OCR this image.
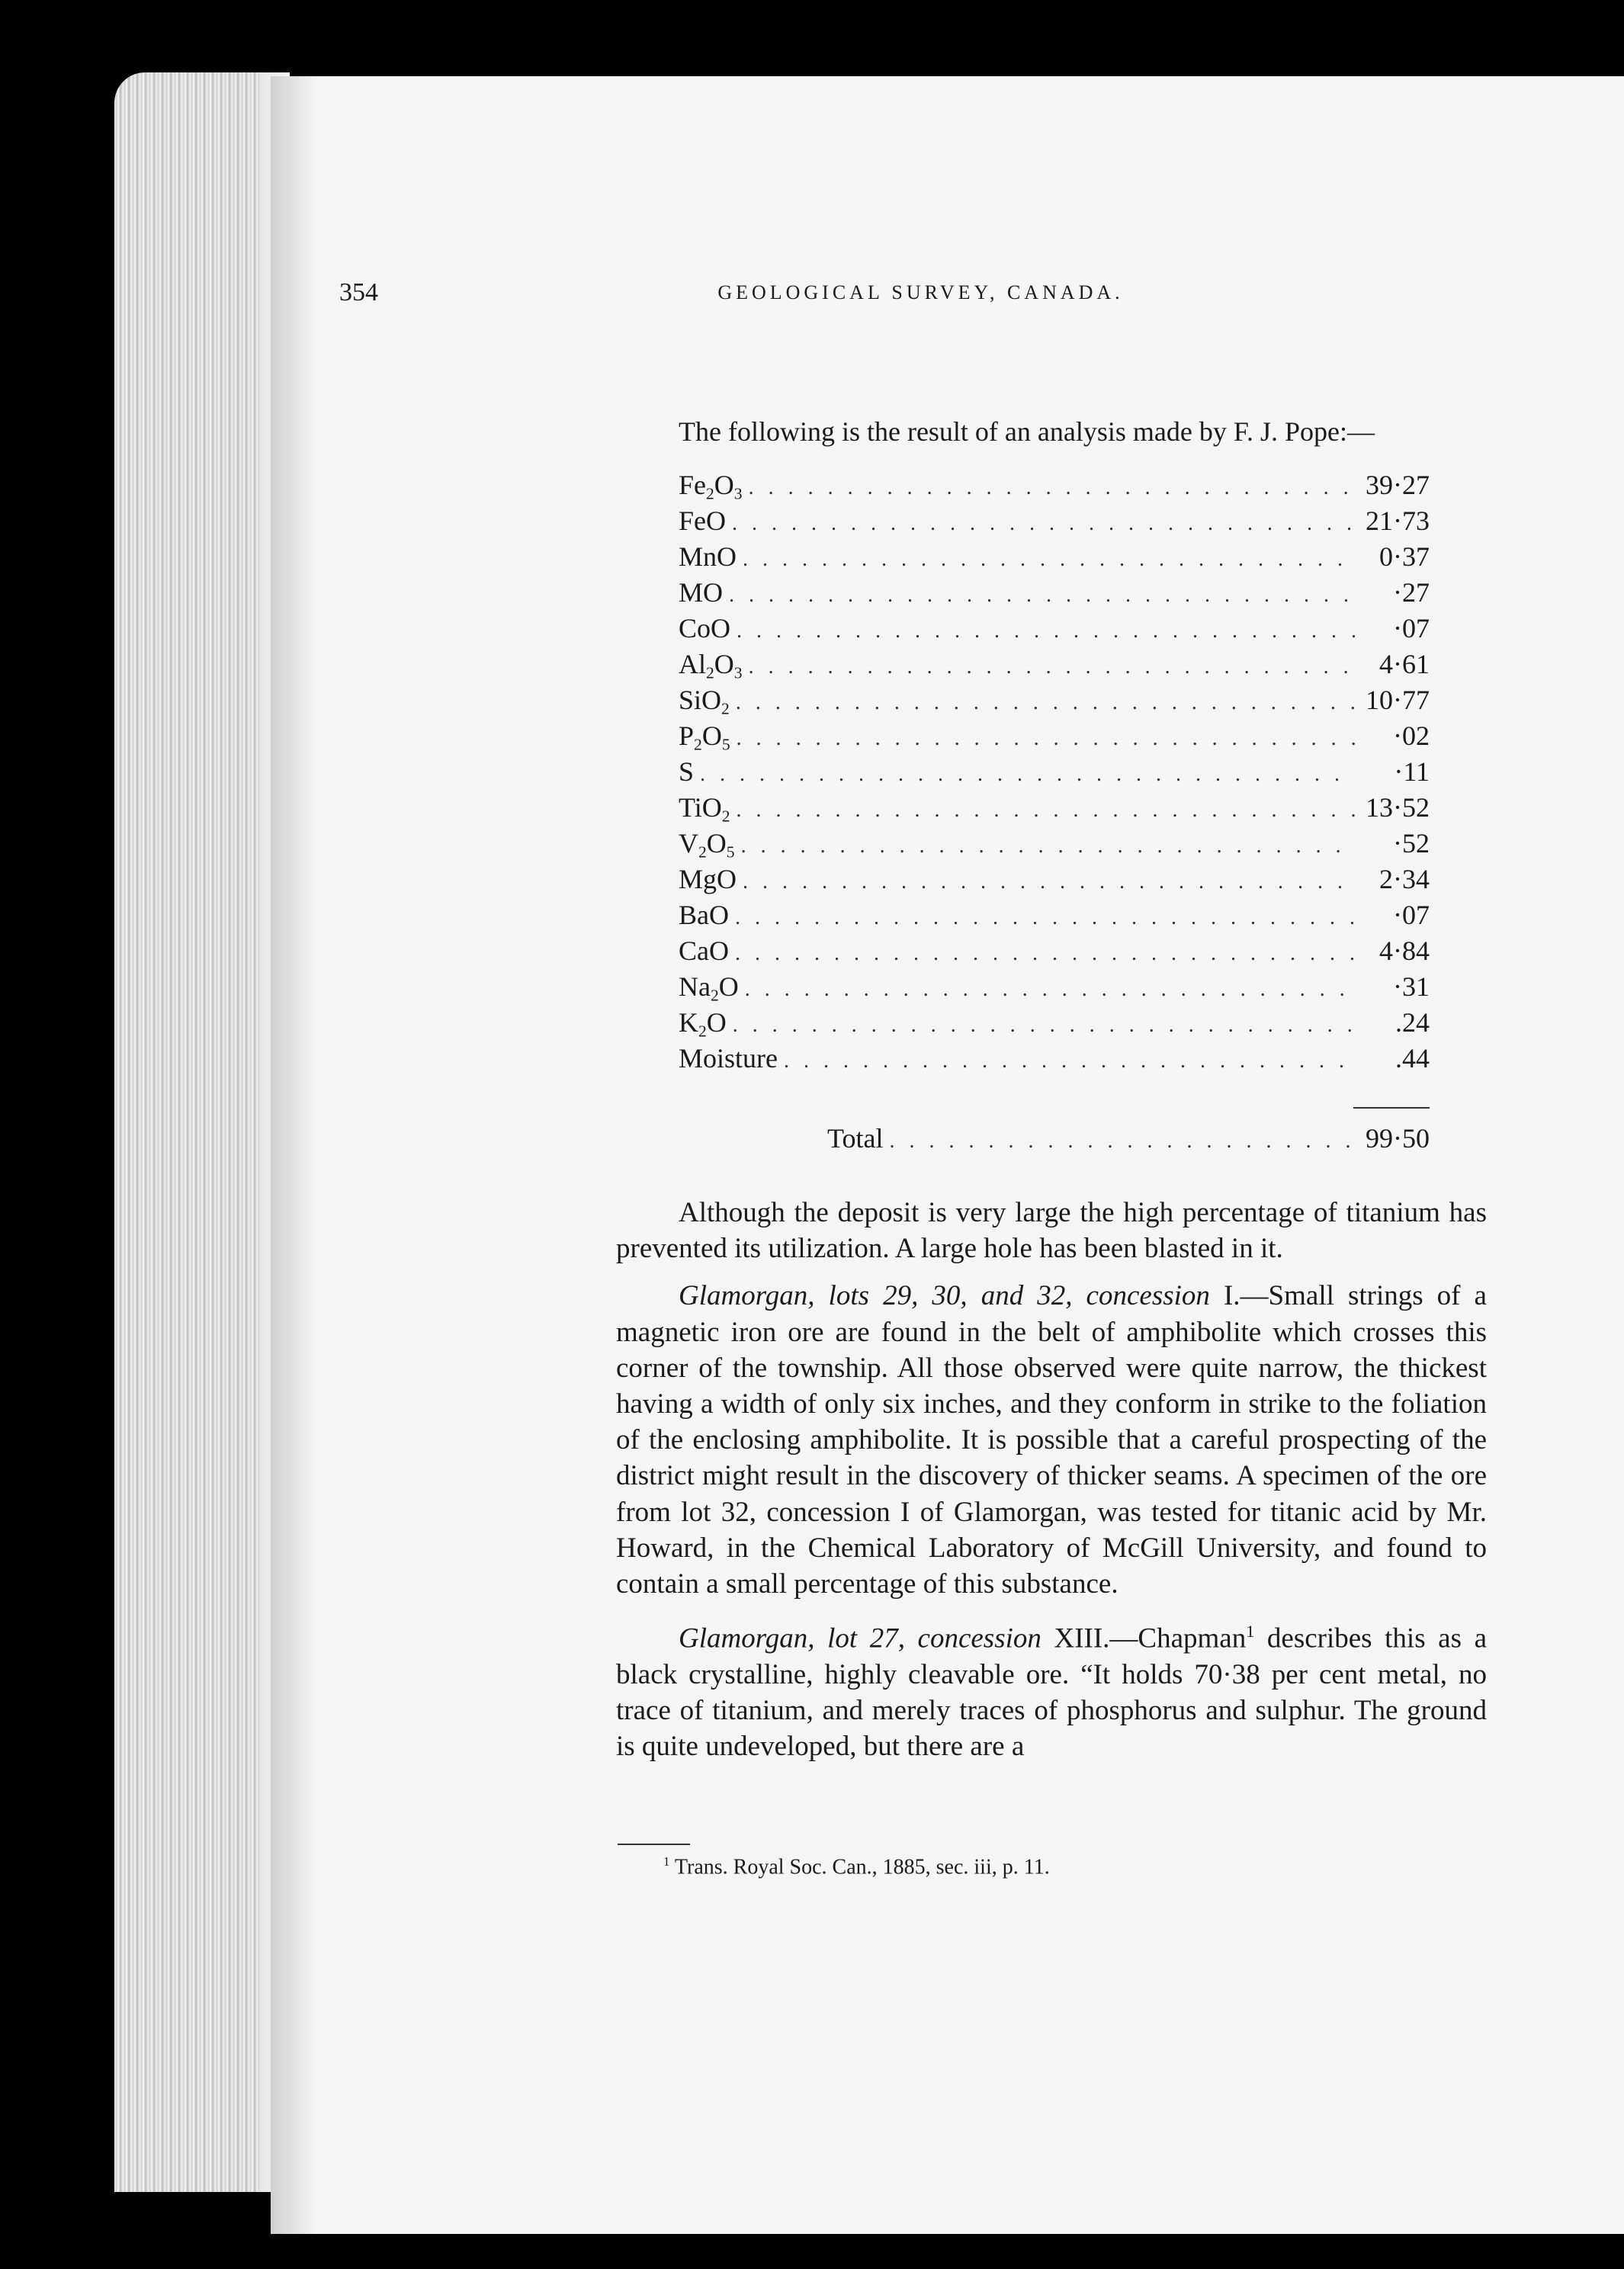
354	GEOLOGICAL SURVEY, CANADA.
The following is the result of an analysis made by F. J. Pope:—
$Fe_2O_3$ . . .	39·27
FeO . . .	21·73
MnO . . .	0·37
MO . . .	·27
CoO . . .	·07
$Al_2O_3$ . . .	4·61
SiO$_2$ . . .	10·77
$P_2O_5$ . . .	·02
S . . .	·11
TiO$_2$ . . .	13·52
$V_2O_5$ . . .	·52
MgO . . .	2·34
BaO . . .	·07
CaO . . .	4·84
$Na_2O$ . . .	·31
$K_2O$ . . .	.24
Moisture . . .	.44
Total . . .	99·50

Although the deposit is very large the high percentage of titanium has prevented its utilization. A large hole has been blasted in it.

Glamorgan, lots 29, 30, and 32, concession I.—Small strings of a magnetic iron ore are found in the belt of amphibolite which crosses this corner of the township. All those observed were quite narrow, the thickest having a width of only six inches, and they conform in strike to the foliation of the enclosing amphibolite. It is possible that a careful prospecting of the district might result in the discovery of thicker seams. A specimen of the ore from lot 32, concession I of Glamorgan, was tested for titanic acid by Mr. Howard, in the Chemical Laboratory of McGill University, and found to contain a small percentage of this substance.

Glamorgan, lot 27, concession XIII.—Chapman$^1$ describes this as a black crystalline, highly cleavable ore. “It holds 70·38 per cent metal, no trace of titanium, and merely traces of phosphorus and sulphur. The ground is quite undeveloped, but there are a

$^1$ Trans. Royal Soc. Can., 1885, sec. iii, p. 11.
